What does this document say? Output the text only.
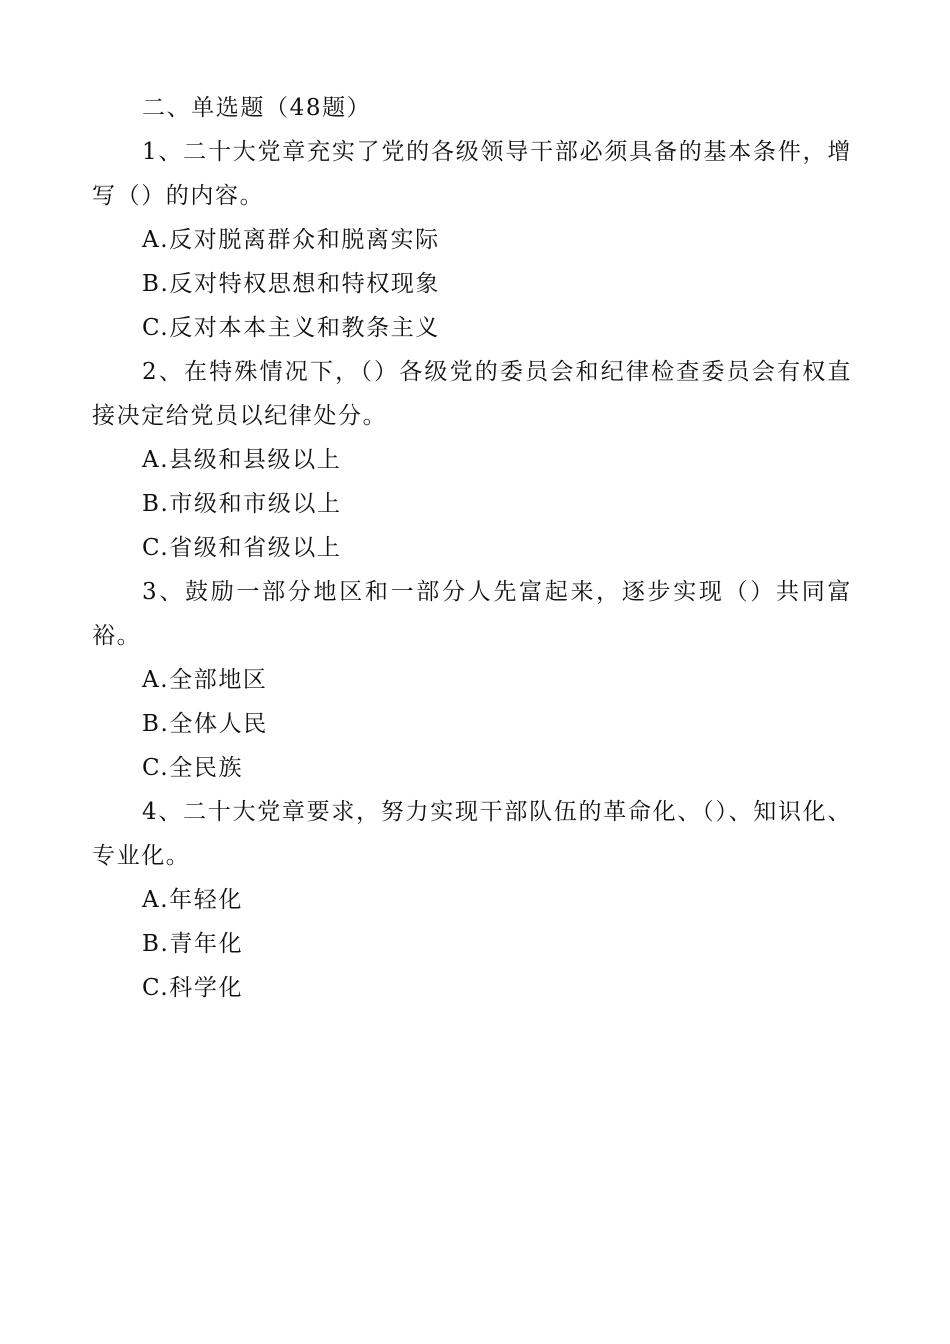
二、单选题（48题）

1、二十大党章充实了党的各级领导干部必须具备的基本条件，增写（）的内容。

A.反对脱离群众和脱离实际
B.反对特权思想和特权现象
C.反对本本主义和教条主义

2、在特殊情况下，（）各级党的委员会和纪律检查委员会有权直接决定给党员以纪律处分。

A.县级和县级以上
B.市级和市级以上
C.省级和省级以上

3、鼓励一部分地区和一部分人先富起来，逐步实现（）共同富裕。

A.全部地区
B.全体人民
C.全民族

4、二十大党章要求，努力实现干部队伍的革命化、（）、知识化、专业化。

A.年轻化
B.青年化
C.科学化
